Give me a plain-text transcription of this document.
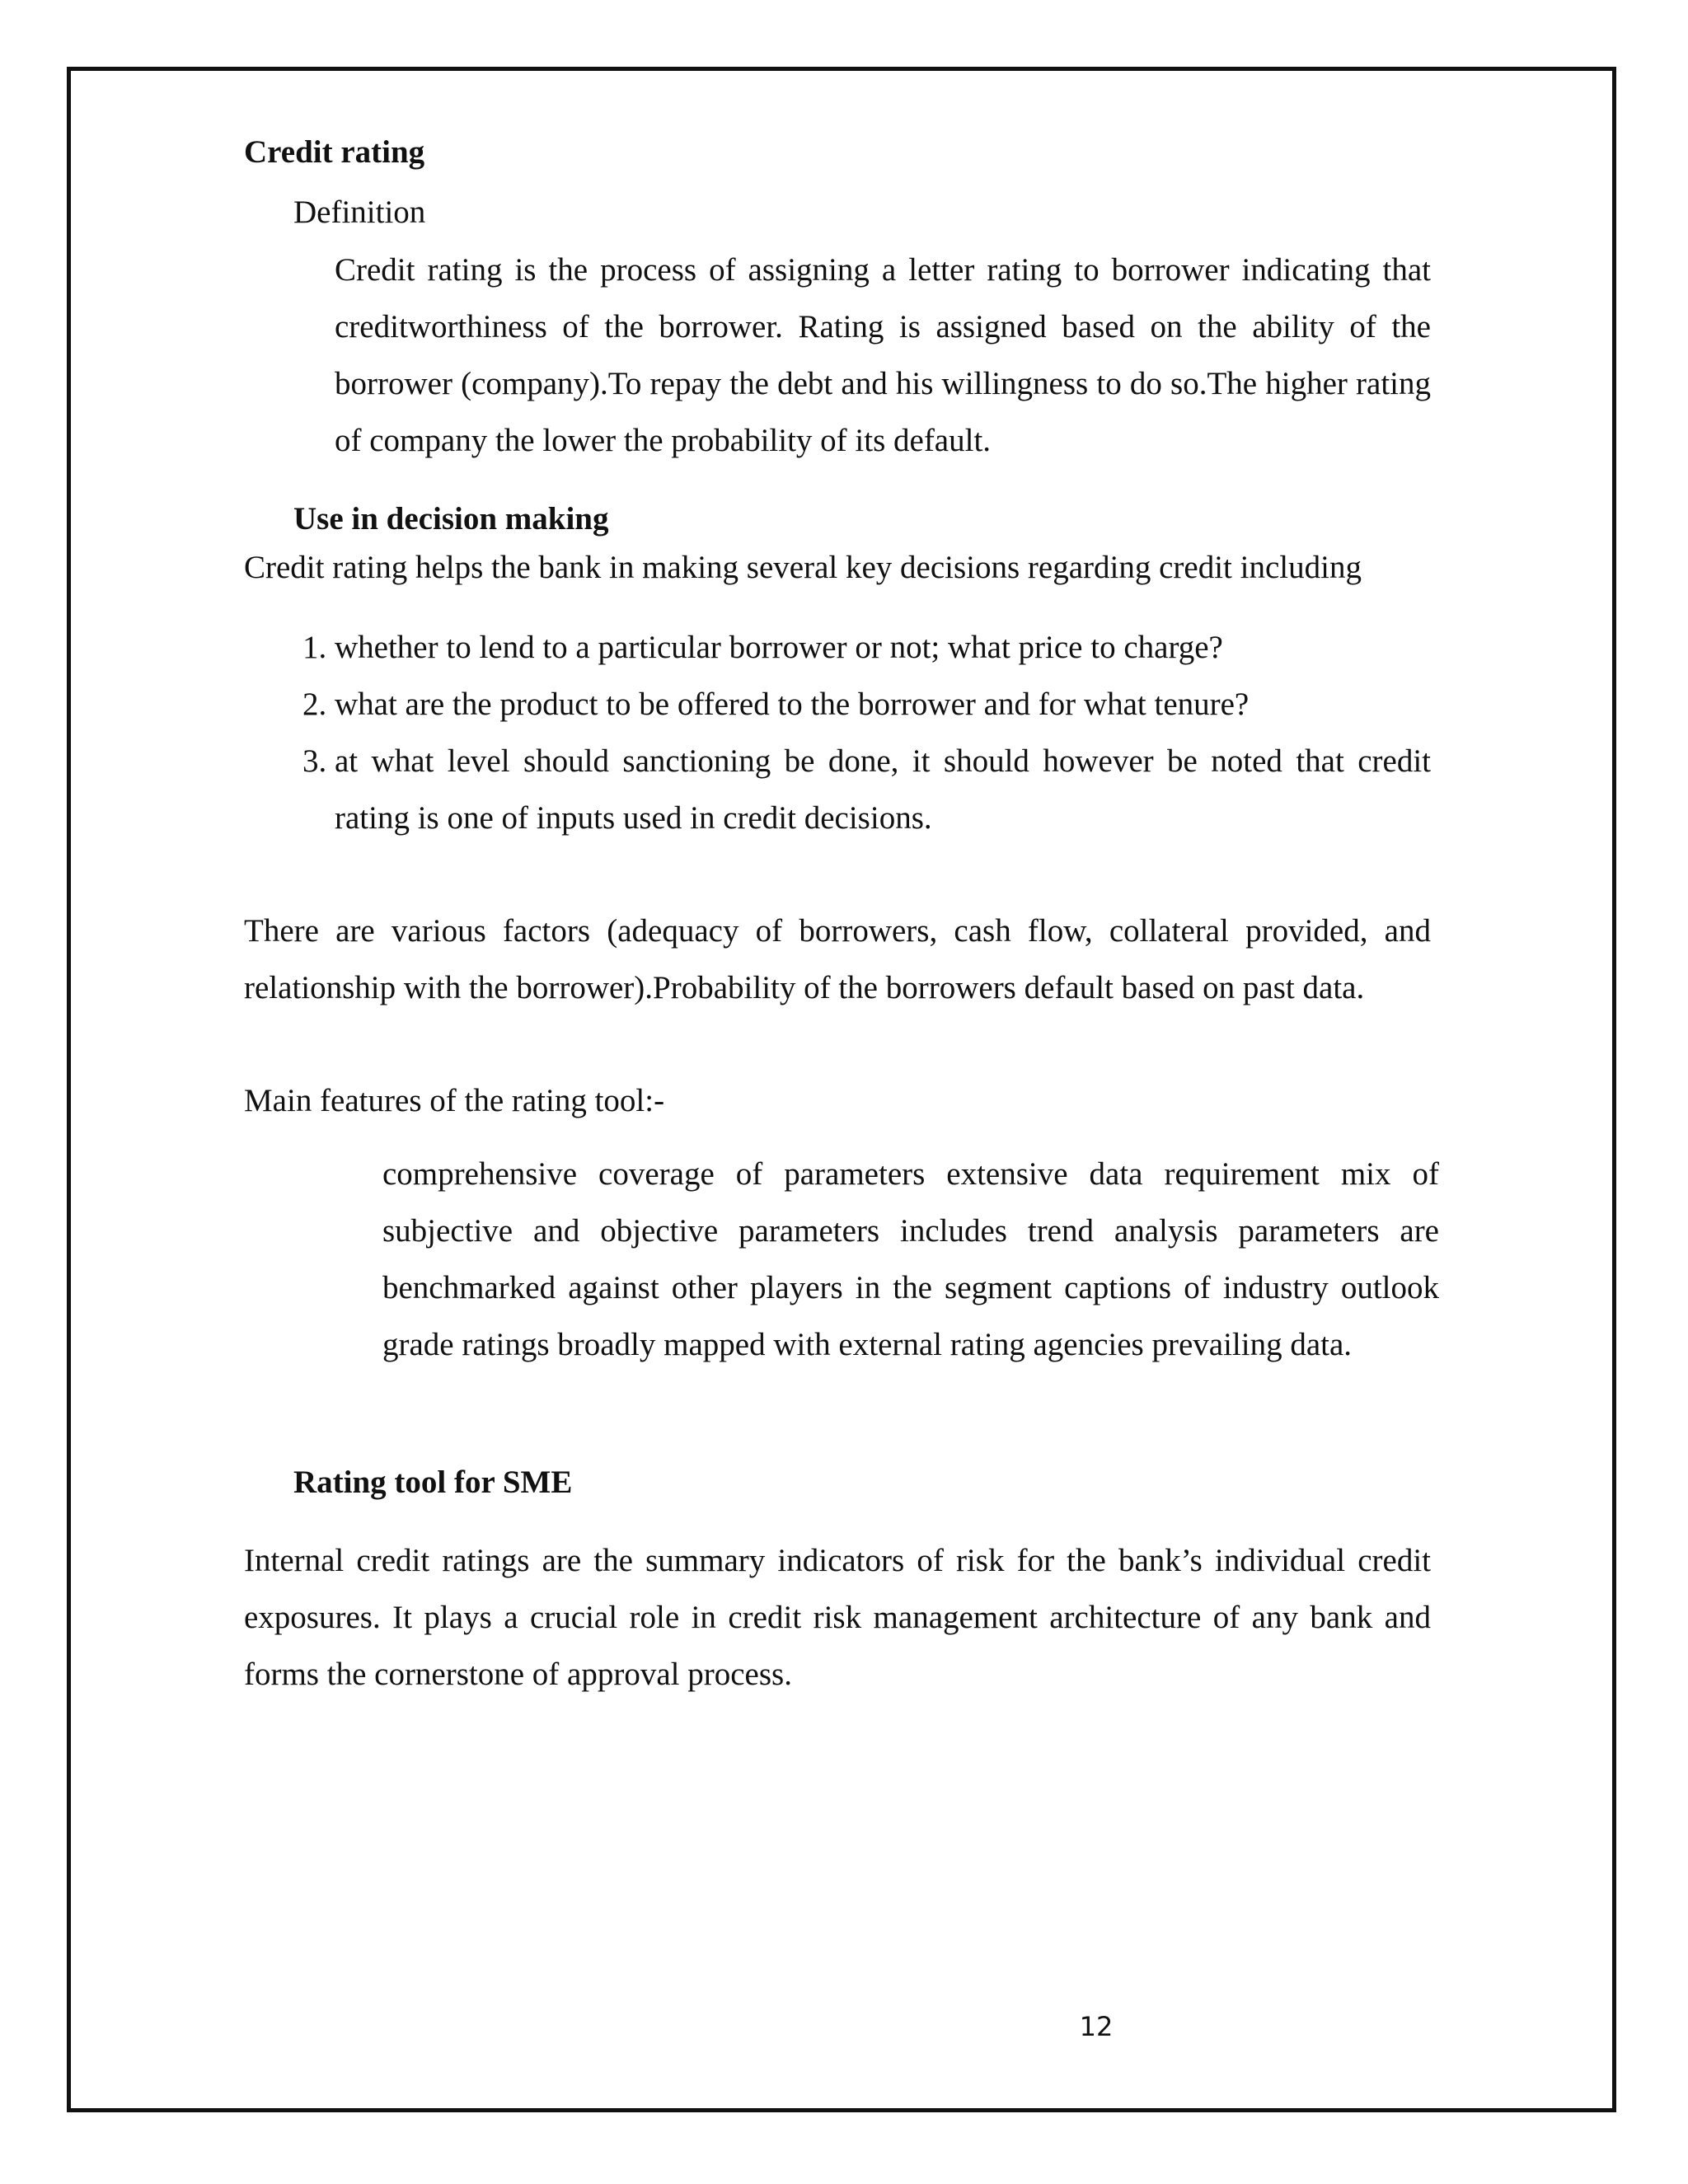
Credit rating
Definition

Credit rating is the process of assigning a letter rating to borrower indicating that creditworthiness of the borrower. Rating is assigned based on the ability of the borrower (company).To repay the debt and his willingness to do so.The higher rating of company the lower the probability of its default.

Use in decision making

Credit rating helps the bank in making several key decisions regarding credit including

1. whether to lend to a particular borrower or not; what price to charge?
2. what are the product to be offered to the borrower and for what tenure?
3. at what level should sanctioning be done, it should however be noted that credit rating is one of inputs used in credit decisions.

There are various factors (adequacy of borrowers, cash flow, collateral provided, and relationship with the borrower).Probability of the borrowers default based on past data.

Main features of the rating tool:-

comprehensive coverage of parameters extensive data requirement mix of subjective and objective parameters includes trend analysis parameters are benchmarked against other players in the segment captions of industry outlook grade ratings broadly mapped with external rating agencies prevailing data.

Rating tool for SME

Internal credit ratings are the summary indicators of risk for the bank’s individual credit exposures. It plays a crucial role in credit risk management architecture of any bank and forms the cornerstone of approval process.

12
